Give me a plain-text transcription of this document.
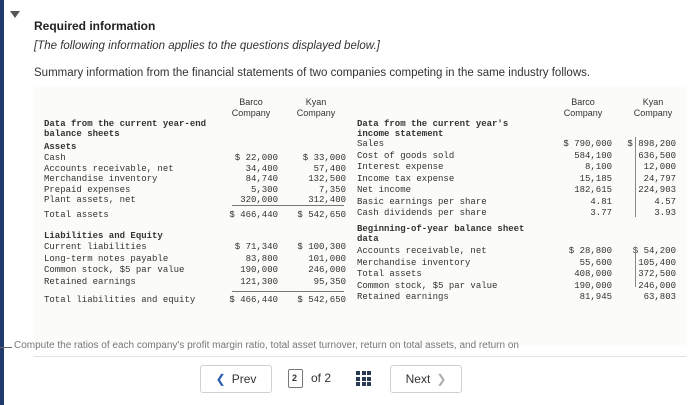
Required information
[The following information applies to the questions displayed below.]
Summary information from the financial statements of two companies competing in the same industry follows.
Barco
Company
Kyan
Company
Data from the current year-end
balance sheets
Assets
Cash	$ 22,000	$ 33,000
Accounts receivable, net	34,400	57,400
Merchandise inventory	84,740	132,500
Prepaid expenses	5,300	7,350
Plant assets, net	320,000	312,400
Total assets	$ 466,440	$ 542,650
Liabilities and Equity
Current liabilities	$ 71,340	$ 100,300
Long-term notes payable	83,800	101,000
Common stock, $5 par value	190,000	246,000
Retained earnings	121,300	95,350
Total liabilities and equity	$ 466,440	$ 542,650
Barco
Company
Kyan
Company
Data from the current year's
income statement
Sales	$ 790,000	$ 898,200
Cost of goods sold	584,100	636,500
Interest expense	8,100	12,000
Income tax expense	15,185	24,797
Net income	182,615	224,903
Basic earnings per share	4.81	4.57
Cash dividends per share	3.77	3.93
Beginning-of-year balance sheet
data
Accounts receivable, net	$ 28,800	$ 54,200
Merchandise inventory	55,600	105,400
Total assets	408,000	372,500
Common stock, $5 par value	190,000	246,000
Retained earnings	81,945	63,803
Compute the ratios of each company's profit margin ratio, total asset turnover, return on total assets, and return on
❮ Prev	2 of 2	Next ❯
